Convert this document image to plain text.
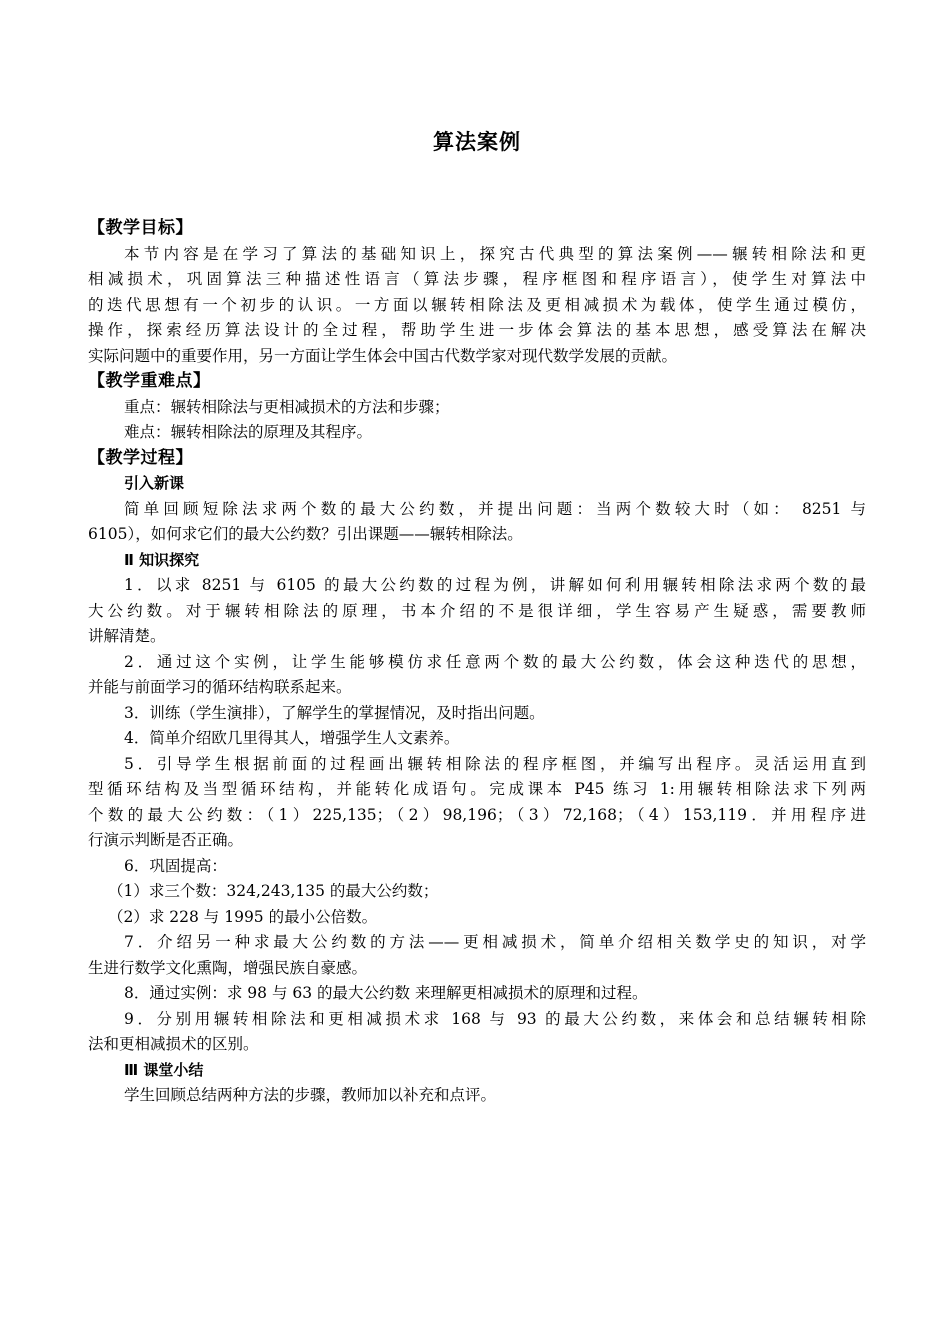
算法案例
【教学目标】
本节内容是在学习了算法的基础知识上，探究古代典型的算法案例——辗转相除法和更
相减损术，巩固算法三种描述性语言（算法步骤，程序框图和程序语言），使学生对算法中
的迭代思想有一个初步的认识。一方面以辗转相除法及更相减损术为载体，使学生通过模仿，
操作，探索经历算法设计的全过程，帮助学生进一步体会算法的基本思想，感受算法在解决
实际问题中的重要作用，另一方面让学生体会中国古代数学家对现代数学发展的贡献。
【教学重难点】
重点：辗转相除法与更相减损术的方法和步骤；
难点：辗转相除法的原理及其程序。
【教学过程】
引入新课
简单回顾短除法求两个数的最大公约数，并提出问题：当两个数较大时（如： 8251 与
6105），如何求它们的最大公约数？引出课题——辗转相除法。
Ⅱ 知识探究
1．以求 8251 与 6105 的最大公约数的过程为例，讲解如何利用辗转相除法求两个数的最
大公约数。对于辗转相除法的原理，书本介绍的不是很详细，学生容易产生疑惑，需要教师
讲解清楚。
2．通过这个实例，让学生能够模仿求任意两个数的最大公约数，体会这种迭代的思想，
并能与前面学习的循环结构联系起来。
3．训练（学生演排），了解学生的掌握情况，及时指出问题。
4．简单介绍欧几里得其人，增强学生人文素养。
5．引导学生根据前面的过程画出辗转相除法的程序框图，并编写出程序。灵活运用直到
型循环结构及当型循环结构，并能转化成语句。完成课本 P45 练习 1:用辗转相除法求下列两
个数的最大公约数：（1）225,135；（2）98,196；（3）72,168；（4）153,119．并用程序进
行演示判断是否正确。
6．巩固提高：
（1）求三个数：324,243,135 的最大公约数；
（2）求 228 与 1995 的最小公倍数。
7．介绍另一种求最大公约数的方法——更相减损术，简单介绍相关数学史的知识，对学
生进行数学文化熏陶，增强民族自豪感。
8．通过实例：求 98 与 63 的最大公约数 来理解更相减损术的原理和过程。
9．分别用辗转相除法和更相减损术求 168 与 93 的最大公约数，来体会和总结辗转相除
法和更相减损术的区别。
Ⅲ 课堂小结
学生回顾总结两种方法的步骤，教师加以补充和点评。
